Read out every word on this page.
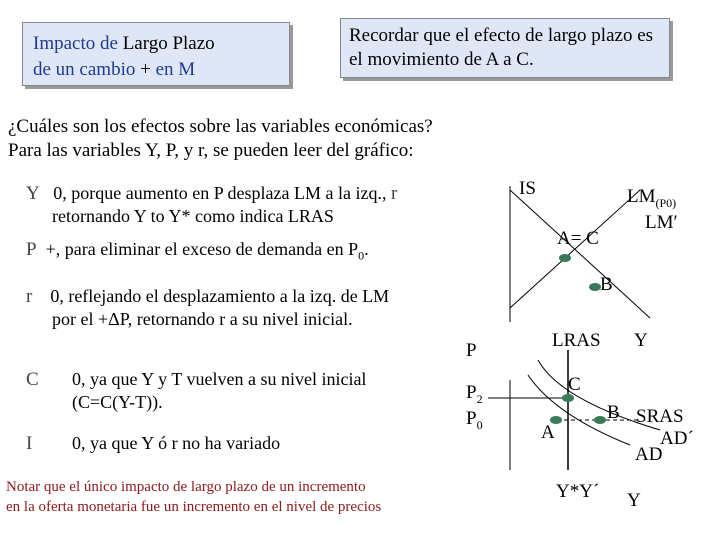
Impacto de Largo Plazo
de un cambio + en M
Recordar que el efecto de largo plazo es el movimiento de A a C.
¿Cuáles son los efectos sobre las variables económicas?
Para las variables Y, P, y r, se pueden leer del gráfico:
Y 0, porque aumento en P desplaza LM a la izq., r
retornando Y to Y* como indica LRAS
P +, para eliminar el exceso de demanda en $P_0$.
r 0, reflejando el desplazamiento a la izq. de LM
por el +ΔP, retornando r a su nivel inicial.
C 0, ya que Y y T vuelven a su nivel inicial
(C=C(Y-T)).
I 0, ya que Y ó r no ha variado
Notar que el único impacto de largo plazo de un incremento
en la oferta monetaria fue un incremento en el nivel de precios
IS	$LM_{(P0)}$
LM′
A= C
B
LRAS Y
P
$P_2$
$P_0$
C
A
B SRAS
AD´
AD
Y*Y´ Y
